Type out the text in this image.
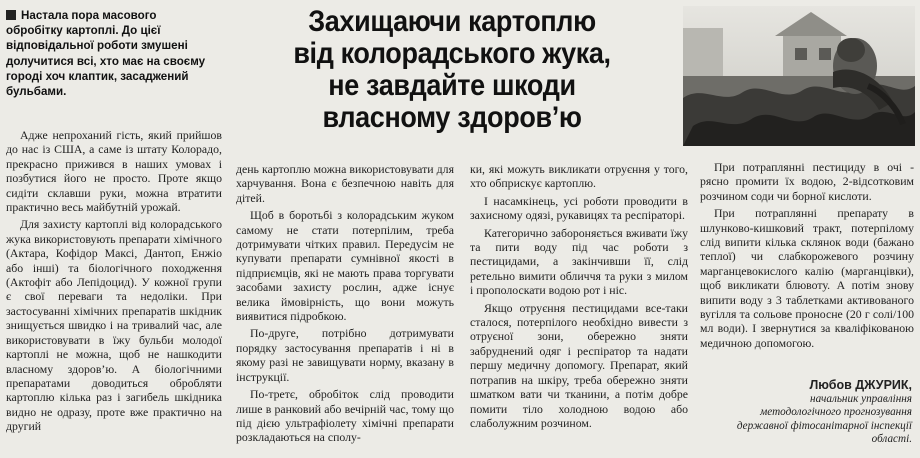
Настала пора масового обробітку картоплі. До цієї відповідальної роботи змушені долучитися всі, хто має на своєму городі хоч клаптик, засаджений бульбами.
Захищаючи картоплю
від колорадського жука,
не завдайте шкоди
власному здоров’ю

Адже непроханий гість, який прийшов до нас із США, а саме із штату Колорадо, прекрасно прижився в наших умовах і позбутися його не просто. Проте якщо сидіти склавши руки, можна втратити практично весь майбутній урожай.

Для захисту картоплі від колорадського жука використовують препарати хімічного (Актара, Кофідор Максі, Дантоп, Енжіо або інші) та біологічного походження (Актофіт або Лепідоцид). У кожної групи є свої переваги та недоліки. При застосуванні хімічних препаратів шкідник знищується швидко і на тривалий час, але використовувати в їжу бульби молодої картоплі не можна, щоб не нашкодити власному здоров’ю. А біологічними препаратами доводиться обробляти картоплю кілька раз і загибель шкідника видно не одразу, проте вже практично на другий

день картоплю можна використовувати для харчування. Вона є безпечною навіть для дітей.

Щоб в боротьбі з колорадським жуком самому не стати потерпілим, треба дотримувати чітких правил. Передусім не купувати препарати сумнівної якості в підприємців, які не мають права торгувати засобами захисту рослин, адже існує велика ймовірність, що вони можуть виявитися підробкою.

По-друге, потрібно дотримувати порядку застосування препаратів і ні в якому разі не завищувати норму, вказану в інструкції.

По-третє, обробіток слід проводити лише в ранковий або вечірній час, тому що під дією ультрафіолету хімічні препарати розкладаються на сполу-

ки, які можуть викликати отруєння у того, хто обприскує картоплю.

І насамкінець, усі роботи проводити в захисному одязі, рукавицях та респіраторі.

Категорично забороняється вживати їжу та пити воду під час роботи з пестицидами, а закінчивши її, слід ретельно вимити обличчя та руки з милом і прополоскати водою рот і ніс.

Якщо отруєння пестицидами все-таки сталося, потерпілого необхідно вивести з отруєної зони, обережно зняти забруднений одяг і респіратор та надати першу медичну допомогу. Препарат, який потрапив на шкіру, треба обережно зняти шматком вати чи тканини, а потім добре помити тіло холодною водою або слаболужним розчином.

При потраплянні пестициду в очі - рясно промити їх водою, 2-відсотковим розчином соди чи борної кислоти.

При потраплянні препарату в шлунково-кишковий тракт, потерпілому слід випити кілька склянок води (бажано теплої) чи слабкорожевого розчину марганцевокислого калію (марганцівки), щоб викликати блювоту. А потім знову випити воду з 3 таблетками активованого вугілля та сольове проносне (20 г солі/100 мл води). І звернутися за кваліфікованою медичною допомогою.

Любов ДЖУРИК,
начальник управління
методологічного прогнозування
державної фітосанітарної інспекції
області.
